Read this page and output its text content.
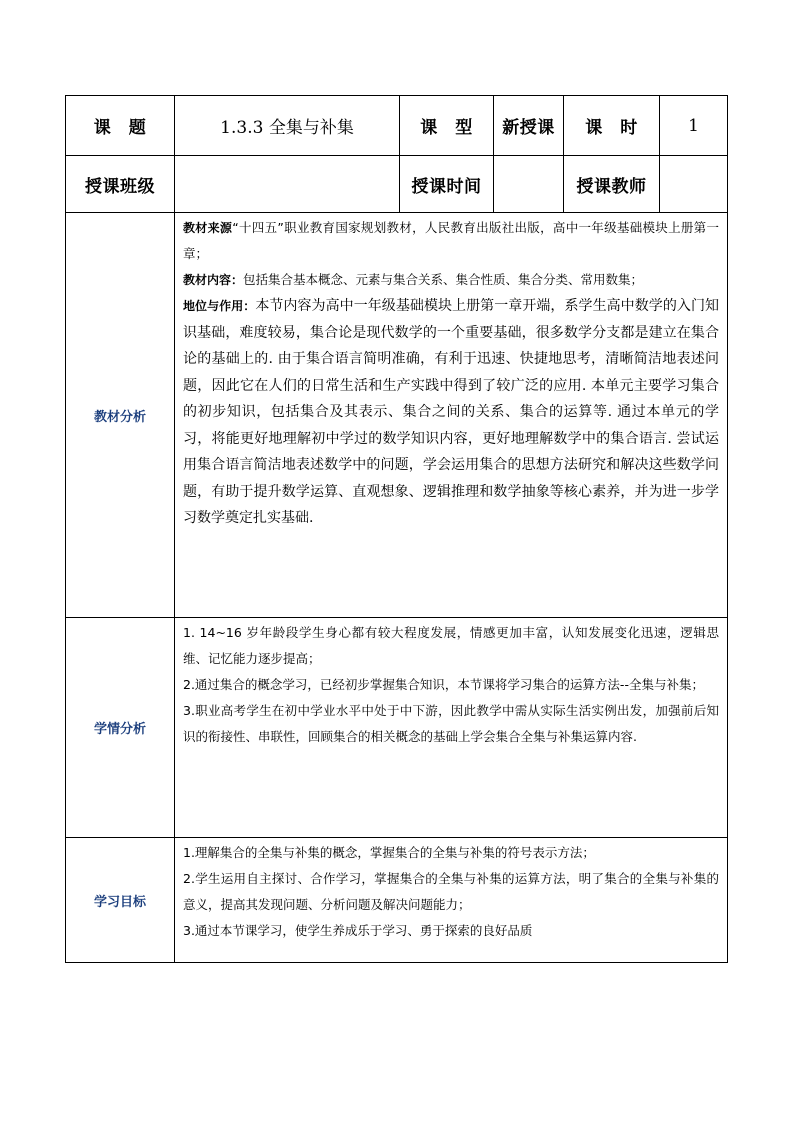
课　题	1.3.3 全集与补集	课　型	新授课	课　时	1
授课班级		授课时间		授课教师	
教材分析	教材来源“十四五”职业教育国家规划教材，人民教育出版社出版，高中一年级基础模块上册第一章；

教材内容：包括集合基本概念、元素与集合关系、集合性质、集合分类、常用数集；

地位与作用：本节内容为高中一年级基础模块上册第一章开端，系学生高中数学的入门知识基础，难度较易，集合论是现代数学的一个重要基础，很多数学分支都是建立在集合论的基础上的. 由于集合语言简明准确，有利于迅速、快捷地思考，清晰简洁地表述问题，因此它在人们的日常生活和生产实践中得到了较广泛的应用. 本单元主要学习集合的初步知识，包括集合及其表示、集合之间的关系、集合的运算等. 通过本单元的学习，将能更好地理解初中学过的数学知识内容，更好地理解数学中的集合语言. 尝试运用集合语言简洁地表述数学中的问题，学会运用集合的思想方法研究和解决这些数学问题，有助于提升数学运算、直观想象、逻辑推理和数学抽象等核心素养，并为进一步学习数学奠定扎实基础.				

学情分析	1. 14~16 岁年龄段学生身心都有较大程度发展，情感更加丰富，认知发展变化迅速，逻辑思维、记忆能力逐步提高；

2.通过集合的概念学习，已经初步掌握集合知识，本节课将学习集合的运算方法--全集与补集；

3.职业高考学生在初中学业水平中处于中下游，因此教学中需从实际生活实例出发，加强前后知识的衔接性、串联性，回顾集合的相关概念的基础上学会集合全集与补集运算内容.				

学习目标	1.理解集合的全集与补集的概念，掌握集合的全集与补集的符号表示方法；

2.学生运用自主探讨、合作学习，掌握集合的全集与补集的运算方法，明了集合的全集与补集的意义，提高其发现问题、分析问题及解决问题能力；

3.通过本节课学习，使学生养成乐于学习、勇于探索的良好品质				
